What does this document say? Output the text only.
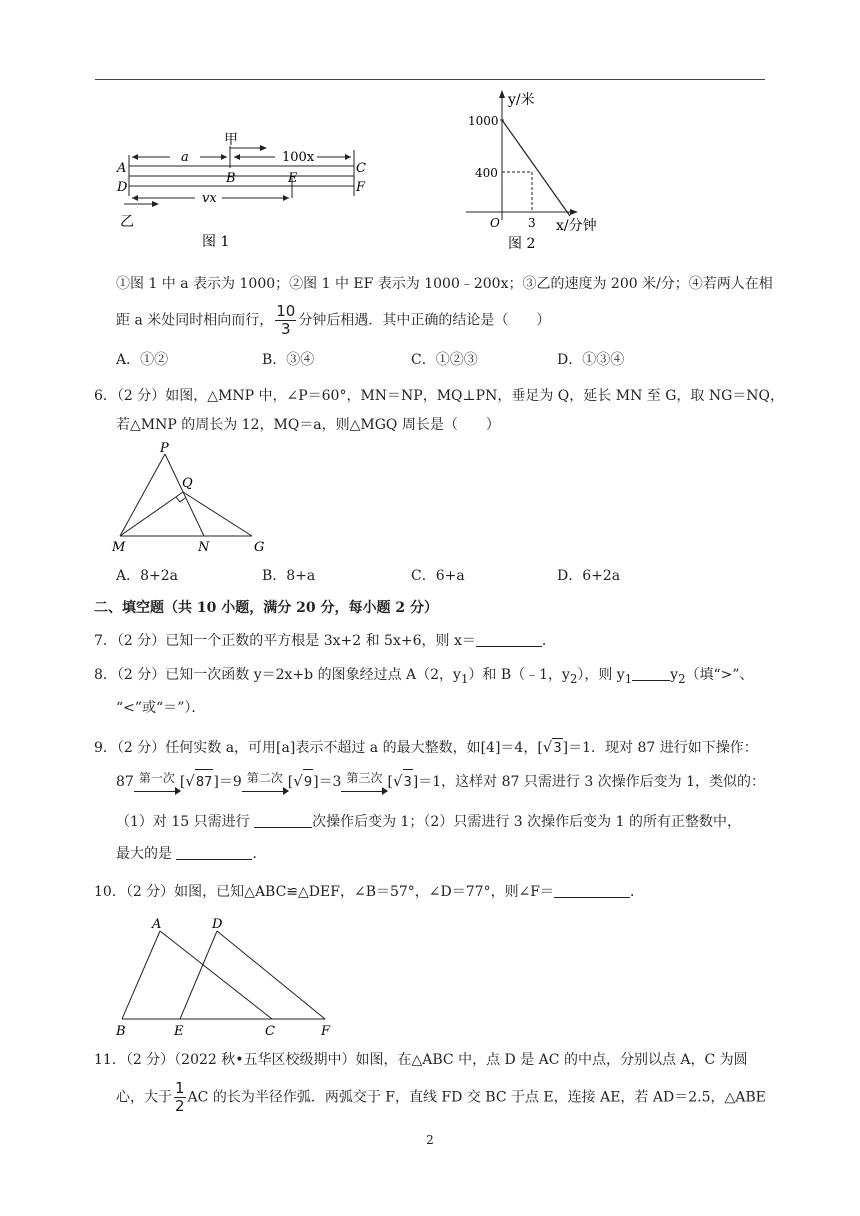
甲
乙
A
D
C
F
B	E
a	100x
vx
图 1
y/米
1000
400
O 3 x/分钟
图 2
①图 1 中 a 表示为 1000；②图 1 中 EF 表示为 1000﹣200x；③乙的速度为 200 米/分；④若两人在相
距 a 米处同时相向而行， $\frac{10}{3}$ 分钟后相遇．其中正确的结论是（　　）
A．①②	B．③④	C．①②③	D．①③④
6．（2 分）如图，△MNP 中，∠P＝60°，MN＝NP，MQ⊥PN，垂足为 Q，延长 MN 至 G，取 NG＝NQ，
若△MNP 的周长为 12，MQ＝a，则△MGQ 周长是（　　）
P
Q
M	N	G
A．8+2a	B．8+a	C．6+a	D．6+2a
二、填空题（共 10 小题，满分 20 分，每小题 2 分）
7．（2 分）已知一个正数的平方根是 3x+2 和 5x+6，则 x＝	．
8．（2 分）已知一次函数 y＝2x+b 的图象经过点 A（2，$y_1$）和 B（﹣1，$y_2$），则 $y_1$	$y_2$（填“>”、
“<”或“＝”）．
9．（2 分）任何实数 a，可用[a]表示不超过 a 的最大整数，如[4]＝4，[√3]＝1．现对 87 进行如下操作：
87 第一次 [√87]＝9 第二次 [√9]＝3 第三次 [√3]＝1，这样对 87 只需进行 3 次操作后变为 1，类似的：
（1）对 15 只需进行	次操作后变为 1；（2）只需进行 3 次操作后变为 1 的所有正整数中，
最大的是	．
10．（2 分）如图，已知△ABC≌△DEF，∠B＝57°，∠D＝77°，则∠F＝	．
A	D
B	E	C	F
11．（2 分）（2022 秋•五华区校级期中）如图，在△ABC 中，点 D 是 AC 的中点，分别以点 A，C 为圆
心，大于 $\frac{1}{2}$ AC 的长为半径作弧．两弧交于 F，直线 FD 交 BC 于点 E，连接 AE，若 AD＝2.5，△ABE
2
